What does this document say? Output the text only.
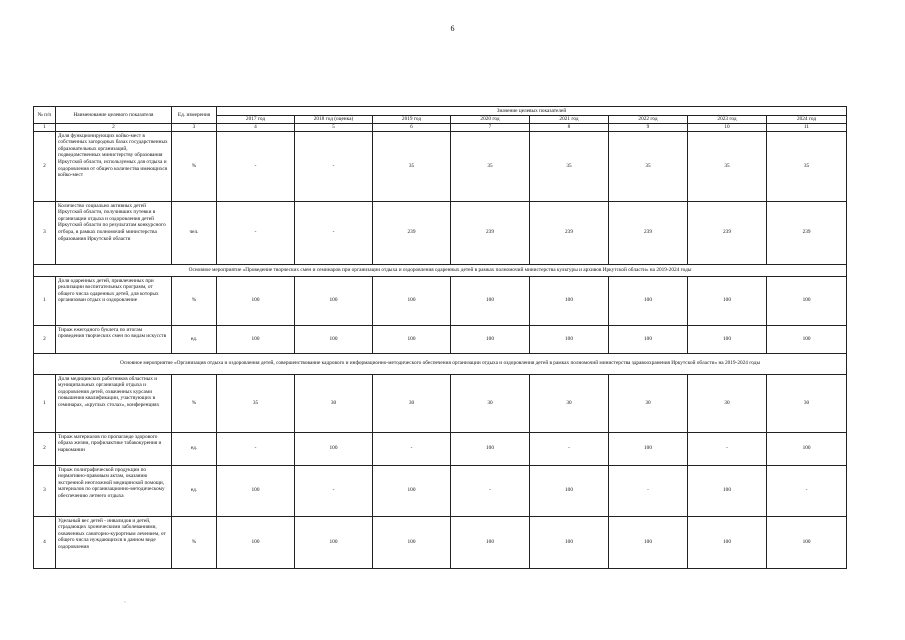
6
№ п/п	Наименование целевого показателя	Ед. измерения	Значение целевых показателей							
			2017 год	2018 год (оценка)	2019 год	2020 год	2021 год	2022 год	2023 год	2024 год
1	2	3	4	5	6	7	8	9	10	11
2	Доля функционирующих койко-мест в собственных загородных базах государственных образовательных организаций, подведомственных министерству образования Иркутской области, используемых для отдыха и оздоровления от общего количества имеющихся койко-мест	%	-	-	35	35	35	35	35	35
3	Количество социально активных детей Иркутской области, получивших путевки в организации отдыха и оздоровления детей Иркутской области по результатам конкурсного отбора, в рамках полномочий министерства образования Иркутской области	чел.	-	-	239	239	239	239	239	239
Основное мероприятие «Проведение творческих смен и семинаров при организации отдыха и оздоровления одаренных детей в рамках полномочий министерства культуры и архивов Иркутской области» на 2019-2024 годы										
1	Доля одаренных детей, привлеченных при реализации воспитательных программ, от общего числа одаренных детей, для которых организован отдых и оздоровление	%	100	100	100	100	100	100	100	100
2	Тираж ежегодного буклета по итогам проведения творческих смен по видам искусств	ед.	100	100	100	100	100	100	100	100
Основное мероприятие «Организация отдыха и оздоровления детей, совершенствование кадрового и информационно-методического обеспечения организации отдыха и оздоровления детей в рамках полномочий министерства здравоохранения Иркутской области» на 2019-2024 годы										
1	Доля медицинских работников областных и муниципальных организаций отдыха и оздоровления детей, охваченных курсами повышения квалификации, участвующих в семинарах, «круглых столах», конференциях	%	35	30	30	30	30	30	30	30
2	Тираж материалов по пропаганде здорового образа жизни, профилактике табакокурения и наркомании	ед.	-	100	-	100	-	100	-	100
3	Тираж полиграфической продукции по нормативно-правовым актам, оказанию экстренной неотложной медицинской помощи, материалов по организационно-методическому обеспечению летнего отдыха	ед.	100	-	100	-	100	-	100	-
4	Удельный вес детей - инвалидов и детей, страдающих хроническими заболеваниями, охваченных санаторно-курортным лечением, от общего числа нуждающихся в данном виде оздоровления	%	100	100	100	100	100	100	100	100
`
